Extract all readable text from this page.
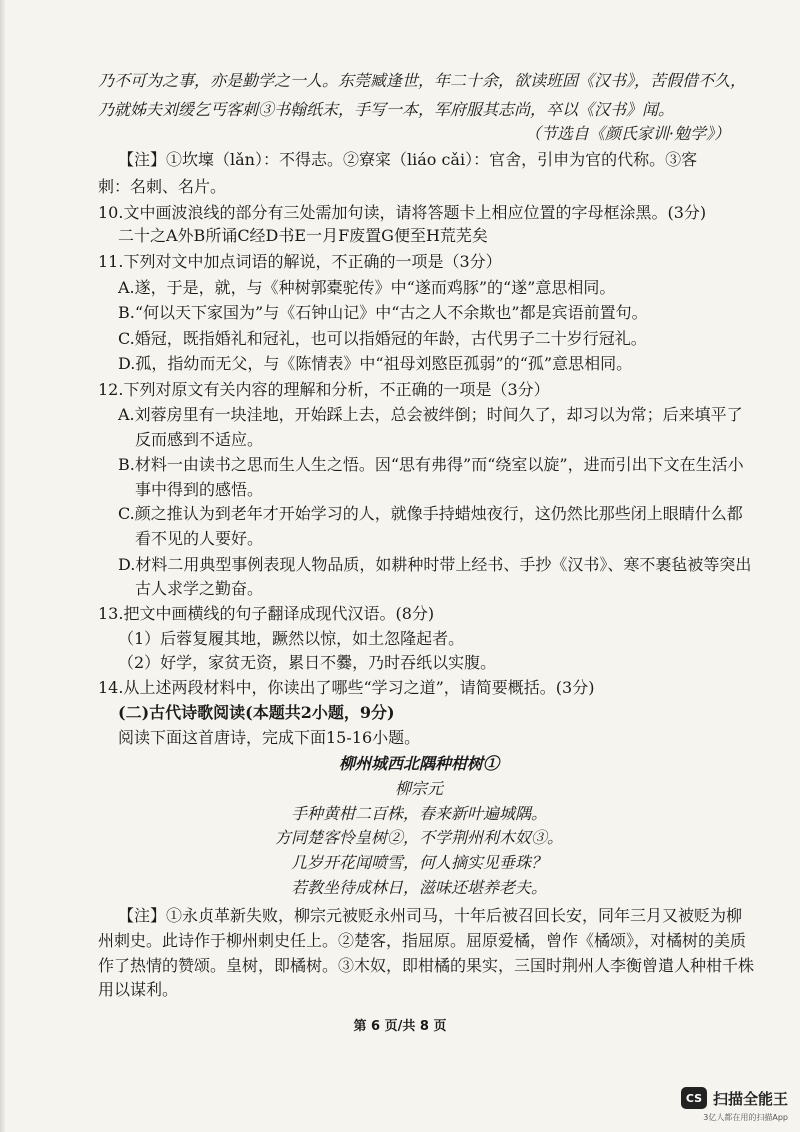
乃不可为之事，亦是勤学之一人。东莞臧逢世，年二十余，欲读班固《汉书》，苦假借不久，
乃就姊夫刘缓乞丐客刺③书翰纸末，手写一本，军府服其志尚，卒以《汉书》闻。
（节选自《颜氏家训·勉学》）
【注】①坎壈（lǎn）：不得志。②寮寀（liáo cǎi）：官舍，引申为官的代称。③客
刺：名刺、名片。
10.文中画波浪线的部分有三处需加句读，请将答题卡上相应位置的字母框涂黑。(3分)
二十之A外B所诵C经D书E一月F废置G便至H荒芜矣
11.下列对文中加点词语的解说，不正确的一项是（3分）
A.遂，于是，就，与《种树郭橐驼传》中“遂而鸡豚”的“遂”意思相同。
B.“何以天下家国为”与《石钟山记》中“古之人不余欺也”都是宾语前置句。
C.婚冠，既指婚礼和冠礼，也可以指婚冠的年龄，古代男子二十岁行冠礼。
D.孤，指幼而无父，与《陈情表》中“祖母刘愍臣孤弱”的“孤”意思相同。
12.下列对原文有关内容的理解和分析，不正确的一项是（3分）
A.刘蓉房里有一块洼地，开始踩上去，总会被绊倒；时间久了，却习以为常；后来填平了
反而感到不适应。
B.材料一由读书之思而生人生之悟。因“思有弗得”而“绕室以旋”，进而引出下文在生活小
事中得到的感悟。
C.颜之推认为到老年才开始学习的人，就像手持蜡烛夜行，这仍然比那些闭上眼睛什么都
看不见的人要好。
D.材料二用典型事例表现人物品质，如耕种时带上经书、手抄《汉书》、寒不裹毡被等突出
古人求学之勤奋。
13.把文中画横线的句子翻译成现代汉语。(8分)
（1）后蓉复履其地，蹶然以惊，如土忽隆起者。
（2）好学，家贫无资，累日不爨，乃时吞纸以实腹。
14.从上述两段材料中，你读出了哪些“学习之道”，请简要概括。(3分)
(二)古代诗歌阅读(本题共2小题，9分)
阅读下面这首唐诗，完成下面15-16小题。
柳州城西北隅种柑树①
柳宗元
手种黄柑二百株，春来新叶遍城隅。
方同楚客怜皇树②，不学荆州利木奴③。
几岁开花闻喷雪，何人摘实见垂珠？
若教坐待成林日，滋味还堪养老夫。
【注】①永贞革新失败，柳宗元被贬永州司马，十年后被召回长安，同年三月又被贬为柳
州刺史。此诗作于柳州刺史任上。②楚客，指屈原。屈原爱橘，曾作《橘颂》，对橘树的美质
作了热情的赞颂。皇树，即橘树。③木奴，即柑橘的果实，三国时荆州人李衡曾遣人种柑千株
用以谋利。
第 6 页/共 8 页
CS 扫描全能王
3亿人都在用的扫描App
